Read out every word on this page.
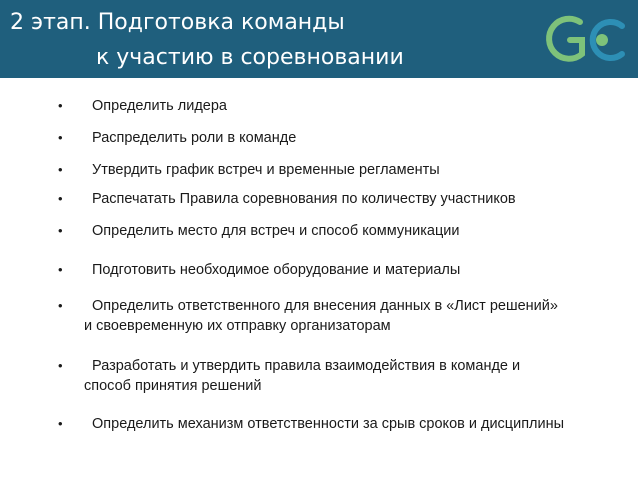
2 этап. Подготовка команды
к участию в соревновании
•	Определить лидера
•	Распределить роли в команде
•	Утвердить график встреч и временные регламенты
•	Распечатать Правила соревнования по количеству участников
•	Определить место для встреч и способ коммуникации
•	Подготовить необходимое оборудование и материалы
•	Определить ответственного для внесения данных в «Лист решений»
и своевременную их отправку организаторам
•	Разработать и утвердить правила взаимодействия в команде и
способ принятия решений
•	Определить механизм ответственности за срыв сроков и дисциплины
